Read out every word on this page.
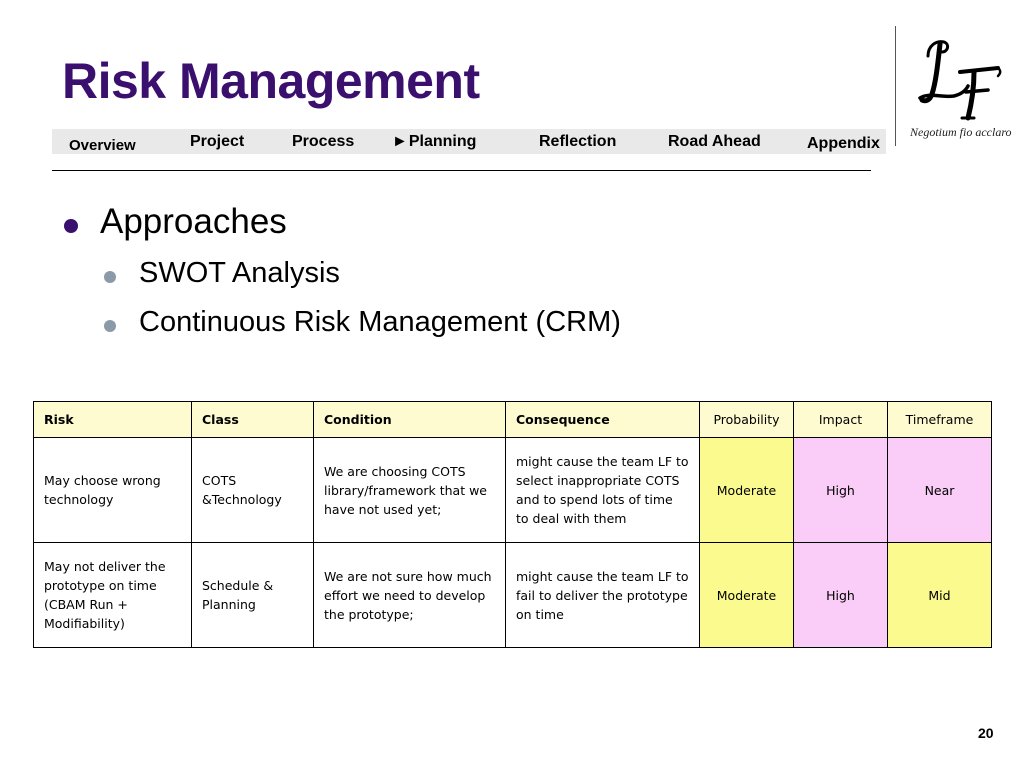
Risk Management
Overview	Project	Process ►Planning	Reflection	Road Ahead	Appendix
Negotium fio acclaro
Approaches
SWOT Analysis
Continuous Risk Management (CRM)
Risk	Class	Condition	Consequence	Probability	Impact	Timeframe
May choose wrong technology	COTS &Technology	We are choosing COTS library/framework that we have not used yet;	might cause the team LF to select inappropriate COTS and to spend lots of time to deal with them	Moderate	High	Near
May not deliver the prototype on time (CBAM Run + Modifiability)	Schedule & Planning	We are not sure how much effort we need to develop the prototype;	might cause the team LF to fail to deliver the prototype on time	Moderate	High	Mid
20
